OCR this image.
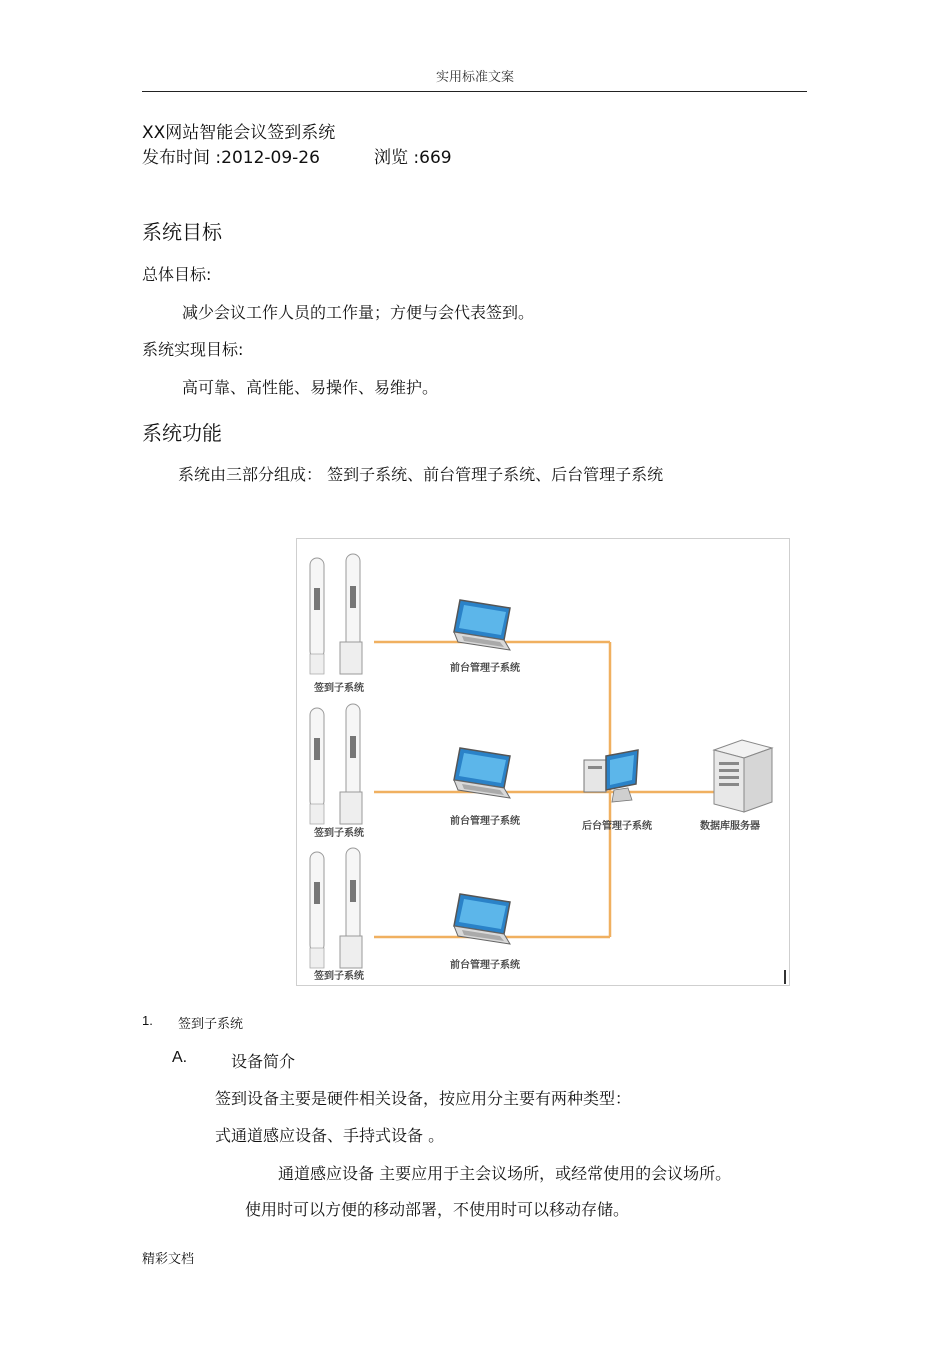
实用标准文案
XX网站智能会议签到系统
发布时间 :2012-09-26	浏览 :669
系统目标
总体目标:
减少会议工作人员的工作量；方便与会代表签到。
系统实现目标:
高可靠、高性能、易操作、易维护。
系统功能
系统由三部分组成： 签到子系统、前台管理子系统、后台管理子系统
签到子系统
签到子系统
签到子系统
前台管理子系统
前台管理子系统
前台管理子系统
后台管理子系统	数据库服务器
1. 签到子系统
A.	设备简介
签到设备主要是硬件相关设备，按应用分主要有两种类型：
式通道感应设备、手持式设备 。
通道感应设备 主要应用于主会议场所，或经常使用的会议场所。
使用时可以方便的移动部署，不使用时可以移动存储。
精彩文档
